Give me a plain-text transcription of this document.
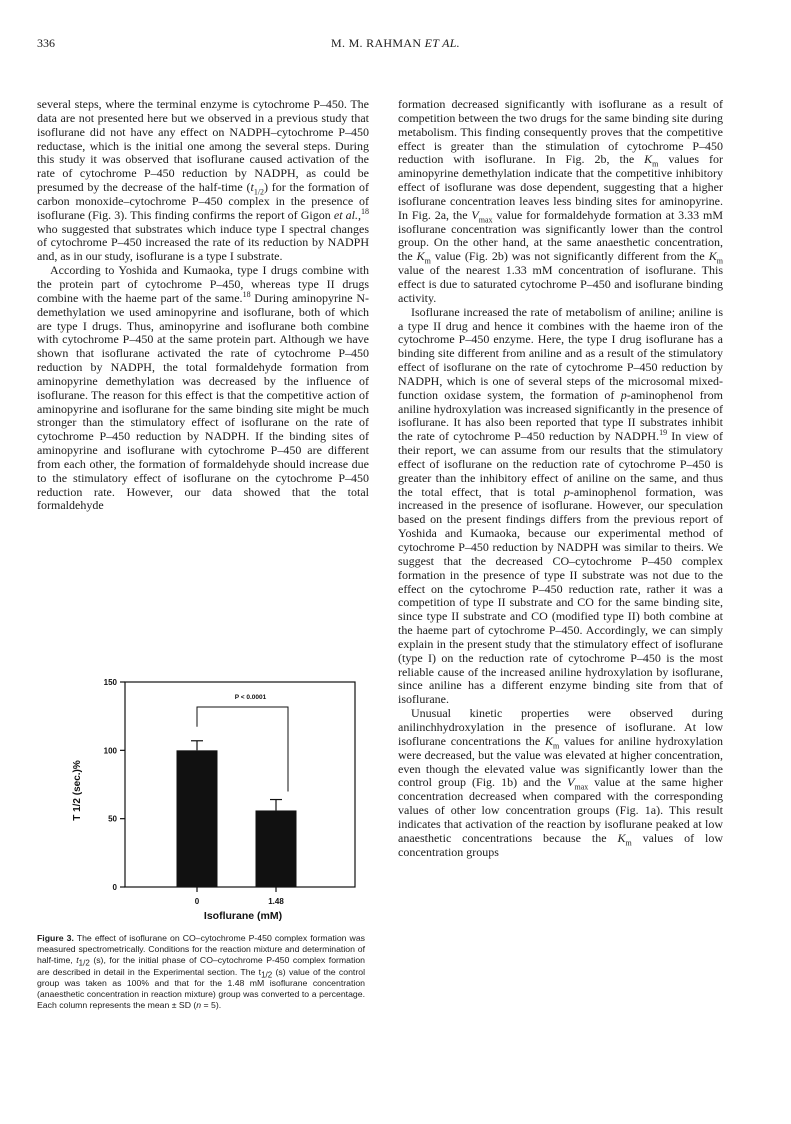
336	M. M. RAHMAN ET AL.

several steps, where the terminal enzyme is cytochrome P–450. The data are not presented here but we observed in a previous study that isoflurane did not have any effect on NADPH–cytochrome P–450 reductase, which is the initial one among the several steps. During this study it was observed that isoflurane caused activation of the rate of cytochrome P–450 reduction by NADPH, as could be presumed by the decrease of the half-time $(t_{1/2})$ for the formation of carbon monoxide–cytochrome P–450 complex in the presence of isoflurane (Fig. 3). This finding confirms the report of Gigon et al.,$^{18}$ who suggested that substrates which induce type I spectral changes of cytochrome P–450 increased the rate of its reduction by NADPH and, as in our study, isoflurane is a type I substrate.

According to Yoshida and Kumaoka, type I drugs combine with the protein part of cytochrome P–450, whereas type II drugs combine with the haeme part of the same.$^{18}$ During aminopyrine N-demethylation we used aminopyrine and isoflurane, both of which are type I drugs. Thus, aminopyrine and isoflurane both combine with cytochrome P–450 at the same protein part. Although we have shown that isoflurane activated the rate of cytochrome P–450 reduction by NADPH, the total formaldehyde formation from aminopyrine demethylation was decreased by the influence of isoflurane. The reason for this effect is that the competitive action of aminopyrine and isoflurane for the same binding site might be much stronger than the stimulatory effect of isoflurane on the rate of cytochrome P–450 reduction by NADPH. If the binding sites of aminopyrine and isoflurane with cytochrome P–450 are different from each other, the formation of formaldehyde should increase due to the stimulatory effect of isoflurane on the cytochrome P–450 reduction rate. However, our data showed that the total formaldehyde

formation decreased significantly with isoflurane as a result of competition between the two drugs for the same binding site during metabolism. This finding consequently proves that the competitive effect is greater than the stimulation of cytochrome P–450 reduction with isoflurane. In Fig. 2b, the $K_m$ values for aminopyrine demethylation indicate that the competitive inhibitory effect of isoflurane was dose dependent, suggesting that a higher isoflurane concentration leaves less binding sites for aminopyrine. In Fig. 2a, the $V_{max}$ value for formaldehyde formation at 3.33 mM isoflurane concentration was significantly lower than the control group. On the other hand, at the same anaesthetic concentration, the $K_m$ value (Fig. 2b) was not significantly different from the $K_m$ value of the nearest 1.33 mM concentration of isoflurane. This effect is due to saturated cytochrome P–450 and isoflurane binding activity.

Isoflurane increased the rate of metabolism of aniline; aniline is a type II drug and hence it combines with the haeme iron of the cytochrome P–450 enzyme. Here, the type I drug isoflurane has a binding site different from aniline and as a result of the stimulatory effect of isoflurane on the rate of cytochrome P–450 reduction by NADPH, which is one of several steps of the microsomal mixed-function oxidase system, the formation of p-aminophenol from aniline hydroxylation was increased significantly in the presence of isoflurane. It has also been reported that type II substrates inhibit the rate of cytochrome P–450 reduction by NADPH.$^{19}$ In view of their report, we can assume from our results that the stimulatory effect of isoflurane on the reduction rate of cytochrome P–450 is greater than the inhibitory effect of aniline on the same, and thus the total effect, that is total p-aminophenol formation, was increased in the presence of isoflurane. However, our speculation based on the present findings differs from the previous report of Yoshida and Kumaoka, because our experimental method of cytochrome P–450 reduction by NADPH was similar to theirs. We suggest that the decreased CO–cytochrome P–450 complex formation in the presence of type II substrate was not due to the effect on the cytochrome P–450 reduction rate, rather it was a competition of type II substrate and CO for the same binding site, since type II substrate and CO (modified type II) both combine at the haeme part of cytochrome P–450. Accordingly, we can simply explain in the present study that the stimulatory effect of isoflurane (type I) on the reduction rate of cytochrome P–450 is the most reliable cause of the increased aniline hydroxylation by isoflurane, since aniline has a different enzyme binding site from that of isoflurane.

Unusual kinetic properties were observed during anilinchhydroxylation in the presence of isoflurane. At low isoflurane concentrations the $K_m$ values for aniline hydroxylation were decreased, but the value was elevated at higher concentration, even though the elevated value was significantly lower than the control group (Fig. 1b) and the $V_{max}$ value at the same higher concentration decreased when compared with the corresponding values of other low concentration groups (Fig. 1a). This result indicates that activation of the reaction by isoflurane peaked at low anaesthetic concentrations because the $K_m$ values of low concentration groups

0
50
100
150
0	1.48
P < 0.0001
Isoflurane (mM)
T 1/2 (sec.)%
Figure 3. The effect of isoflurane on CO–cytochrome P-450 complex formation was measured spectrometrically. Conditions for the reaction mixture and determination of half-time, $t_{1/2}$ (s), for the initial phase of CO–cytochrome P-450 complex formation are described in detail in the Experimental section. The $t_{1/2}$ (s) value of the control group was taken as 100% and that for the 1.48 mM isoflurane concentration (anaesthetic concentration in reaction mixture) group was converted to a percentage. Each column represents the mean ± SD (n = 5).
